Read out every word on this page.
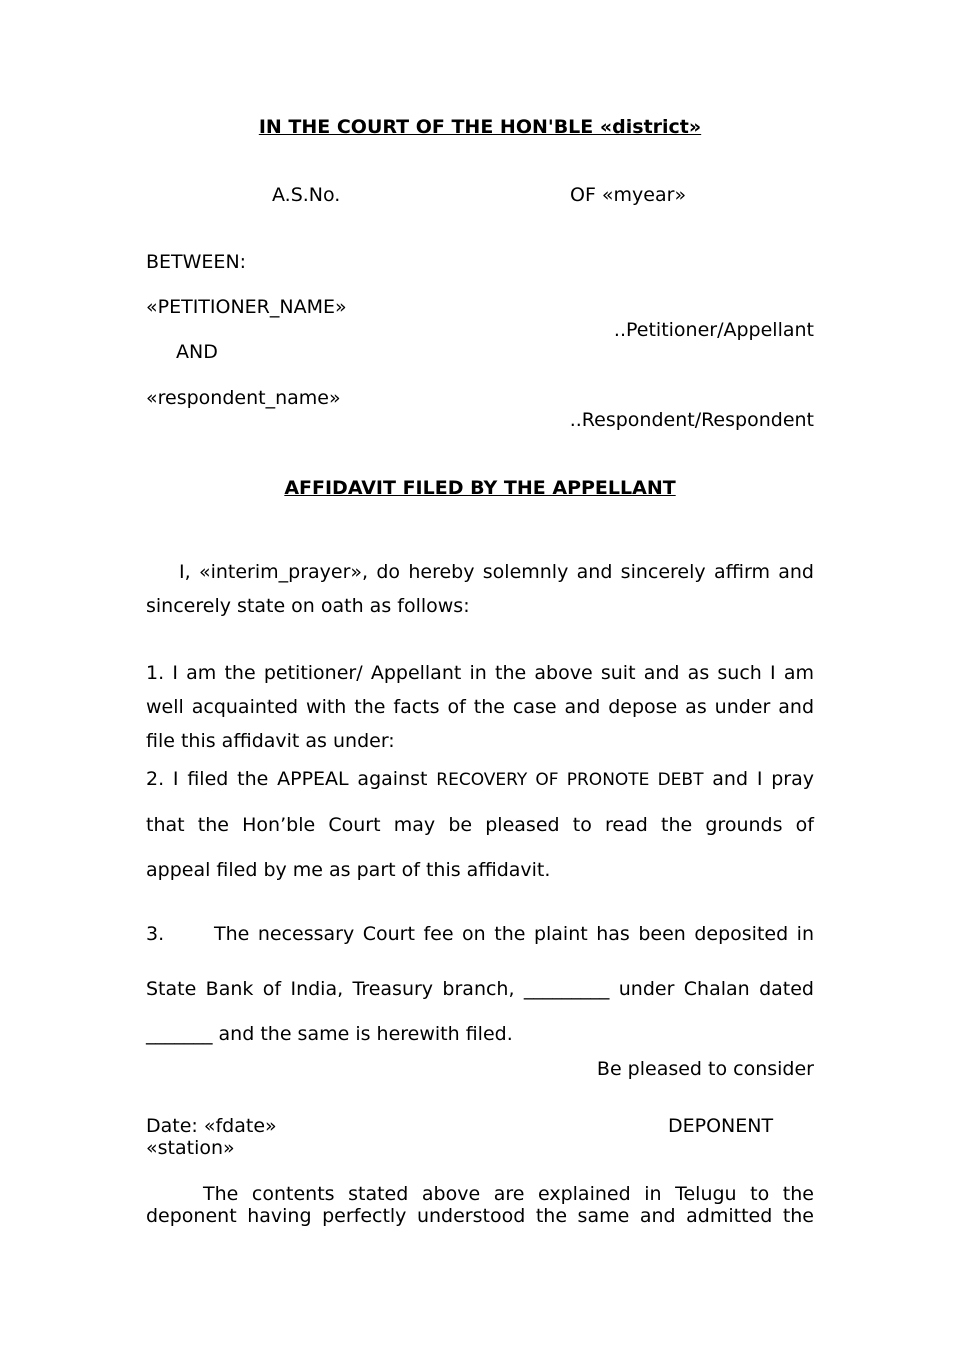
IN THE COURT OF THE HON'BLE «district»
A.S.No.	OF «myear»
BETWEEN:
«PETITIONER_NAME»
..Petitioner/Appellant
AND
«respondent_name»
..Respondent/Respondent
AFFIDAVIT FILED BY THE APPELLANT
I, «interim_prayer», do hereby solemnly and sincerely affirm and
sincerely state on oath as follows:
1. I am the petitioner/ Appellant in the above suit and as such I am
well acquainted with the facts of the case and depose as under and
file this affidavit as under:
2. I filed the APPEAL against RECOVERY OF PRONOTE DEBT and I pray
that the Hon’ble Court may be pleased to read the grounds of
appeal filed by me as part of this affidavit.
3.	The necessary Court fee on the plaint has been deposited in
State Bank of India, Treasury branch, _________ under Chalan dated
_______ and the same is herewith filed.
Be pleased to consider
Date: «fdate»	DEPONENT
«station»
The contents stated above are explained in Telugu to the
deponent having perfectly understood the same and admitted the
